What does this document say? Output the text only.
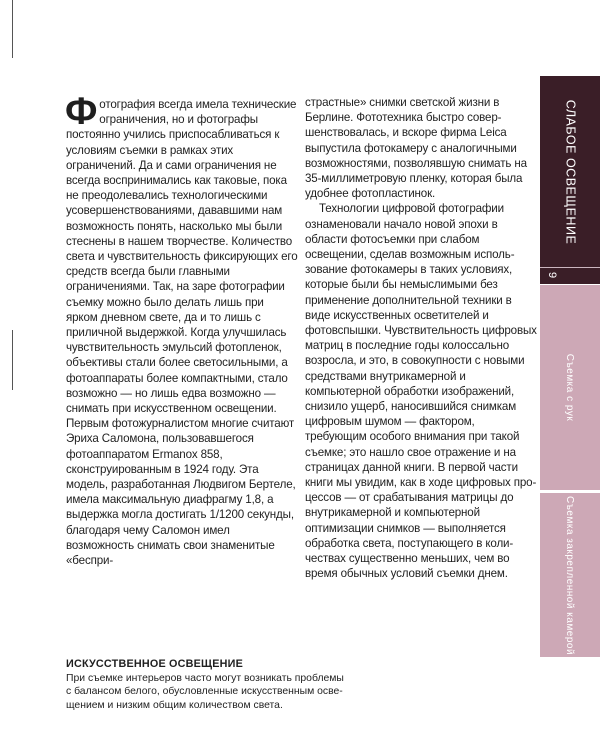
Фотография всегда имела технические ограничения, но и фотографы постоянно учились приспосабливаться к условиям съемки в рамках этих ограничений. Да и сами ограничения не всегда воспринимались как таковые, пока не преодолевались технологическими усовершенствованиями, дававшими нам возможность понять, насколько мы были стеснены в нашем творчестве. Количество света и чувствительность фиксирующих его средств всегда были главными ограничениями. Так, на заре фотографии съемку можно было делать лишь при ярком дневном свете, да и то лишь с приличной выдержкой. Когда улучшилась чувствительность эмульсий фотопленок, объективы стали более светосильными, а фотоаппараты более компактными, стало возможно — но лишь едва возможно — снимать при искусственном освещении. Первым фотожурналистом многие считают Эриха Саломона, пользовавшегося фотоаппаратом Ermanox 858, сконструированным в 1924 году. Эта модель, разработанная Людвигом Бертеле, имела максимальную диафрагму 1,8, а выдержка могла достигать 1/1200 секунды, благодаря чему Саломон имел возможность снимать свои знаменитые «беспри-

страстные» снимки светской жизни в Берлине. Фототехника быстро совершенствовалась, и вскоре фирма Leica выпустила фотокамеру с аналогичными возможностями, позволявшую снимать на 35-миллиметровую пленку, которая была удобнее фотопластинок.

Технологии цифровой фотографии ознаменовали начало новой эпохи в области фотосъемки при слабом освещении, сделав возможным использование фотокамеры в таких условиях, которые были бы немыслимыми без применение дополнительной техники в виде искусственных осветителей и фотовспышки. Чувствительность цифровых матриц в последние годы колоссально возросла, и это, в совокупности с новыми средствами внутрикамерной и компьютерной обработки изображений, снизило ущерб, наносившийся снимкам цифровым шумом — фактором, требующим особого внимания при такой съемке; это нашло свое отражение и на страницах данной книги. В первой части книги мы увидим, как в ходе цифровых процессов — от срабатывания матрицы до внутрикамерной и компьютерной оптимизации снимков — выполняется обработка света, поступающего в количествах существенно меньших, чем во время обычных условий съемки днем.

ИСКУССТВЕННОЕ ОСВЕЩЕНИЕ
При съемке интерьеров часто могут возникать проблемы с балансом белого, обусловленные искусственным освещением и низким общим количеством света.
СЛАБОЕ ОСВЕЩЕНИЕ
9
Съемка с рук
Съемка закрепленной камерой
